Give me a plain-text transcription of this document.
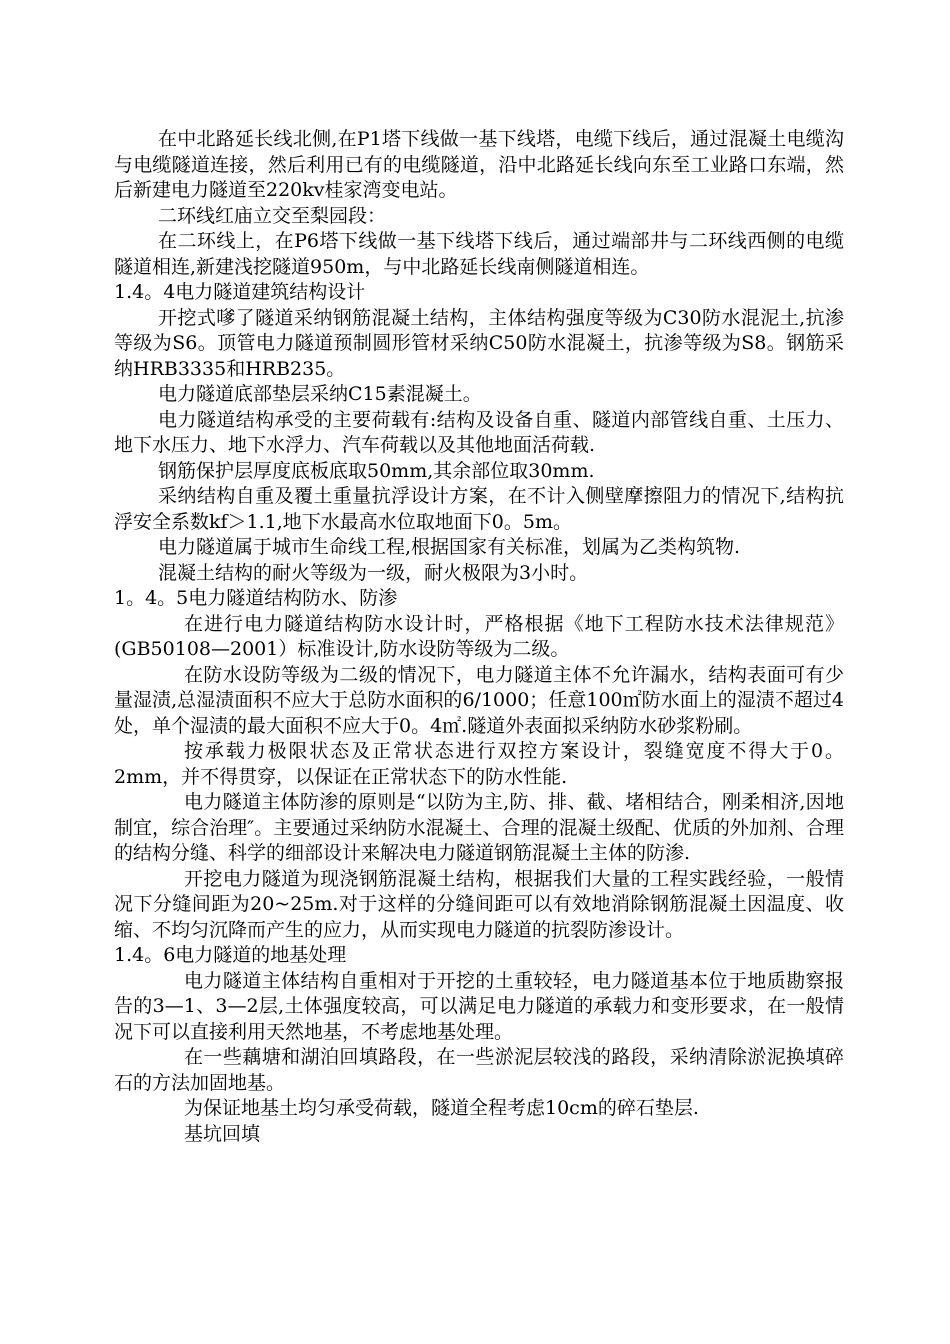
在中北路延长线北侧,在P1塔下线做一基下线塔，电缆下线后，通过混凝土电缆沟与电缆隧道连接，然后利用已有的电缆隧道，沿中北路延长线向东至工业路口东端，然后新建电力隧道至220kv桂家湾变电站。

二环线红庙立交至梨园段：

在二环线上，在P6塔下线做一基下线塔下线后，通过端部井与二环线西侧的电缆隧道相连,新建浅挖隧道950m，与中北路延长线南侧隧道相连。

1.4。4电力隧道建筑结构设计

开挖式嗲了隧道采纳钢筋混凝土结构，主体结构强度等级为C30防水混泥土,抗渗等级为S6。顶管电力隧道预制圆形管材采纳C50防水混凝土，抗渗等级为S8。钢筋采纳HRB3335和HRB235。

电力隧道底部垫层采纳C15素混凝土。

电力隧道结构承受的主要荷载有:结构及设备自重、隧道内部管线自重、土压力、地下水压力、地下水浮力、汽车荷载以及其他地面活荷载.

钢筋保护层厚度底板底取50mm,其余部位取30mm.

采纳结构自重及覆土重量抗浮设计方案，在不计入侧壁摩擦阻力的情况下,结构抗浮安全系数kf＞1.1,地下水最高水位取地面下0。5m。

电力隧道属于城市生命线工程,根据国家有关标准，划属为乙类构筑物.

混凝土结构的耐火等级为一级，耐火极限为3小时。

1。4。5电力隧道结构防水、防渗

在进行电力隧道结构防水设计时，严格根据《地下工程防水技术法律规范》(GB50108—2001）标准设计,防水设防等级为二级。

在防水设防等级为二级的情况下，电力隧道主体不允许漏水，结构表面可有少量湿渍,总湿渍面积不应大于总防水面积的6/1000；任意100㎡防水面上的湿渍不超过4处，单个湿渍的最大面积不应大于0。4㎡.隧道外表面拟采纳防水砂浆粉刷。

按承载力极限状态及正常状态进行双控方案设计，裂缝宽度不得大于0。2mm，并不得贯穿，以保证在正常状态下的防水性能.

电力隧道主体防渗的原则是“以防为主,防、排、截、堵相结合，刚柔相济,因地制宜，综合治理″。主要通过采纳防水混凝土、合理的混凝土级配、优质的外加剂、合理的结构分缝、科学的细部设计来解决电力隧道钢筋混凝土主体的防渗.

开挖电力隧道为现浇钢筋混凝土结构，根据我们大量的工程实践经验，一般情况下分缝间距为20~25m.对于这样的分缝间距可以有效地消除钢筋混凝土因温度、收缩、不均匀沉降而产生的应力，从而实现电力隧道的抗裂防渗设计。

1.4。6电力隧道的地基处理

电力隧道主体结构自重相对于开挖的土重较轻，电力隧道基本位于地质勘察报告的3—1、3—2层,土体强度较高，可以满足电力隧道的承载力和变形要求，在一般情况下可以直接利用天然地基，不考虑地基处理。

在一些藕塘和湖泊回填路段，在一些淤泥层较浅的路段，采纳清除淤泥换填碎石的方法加固地基。

为保证地基土均匀承受荷载，隧道全程考虑10cm的碎石垫层.

基坑回填
